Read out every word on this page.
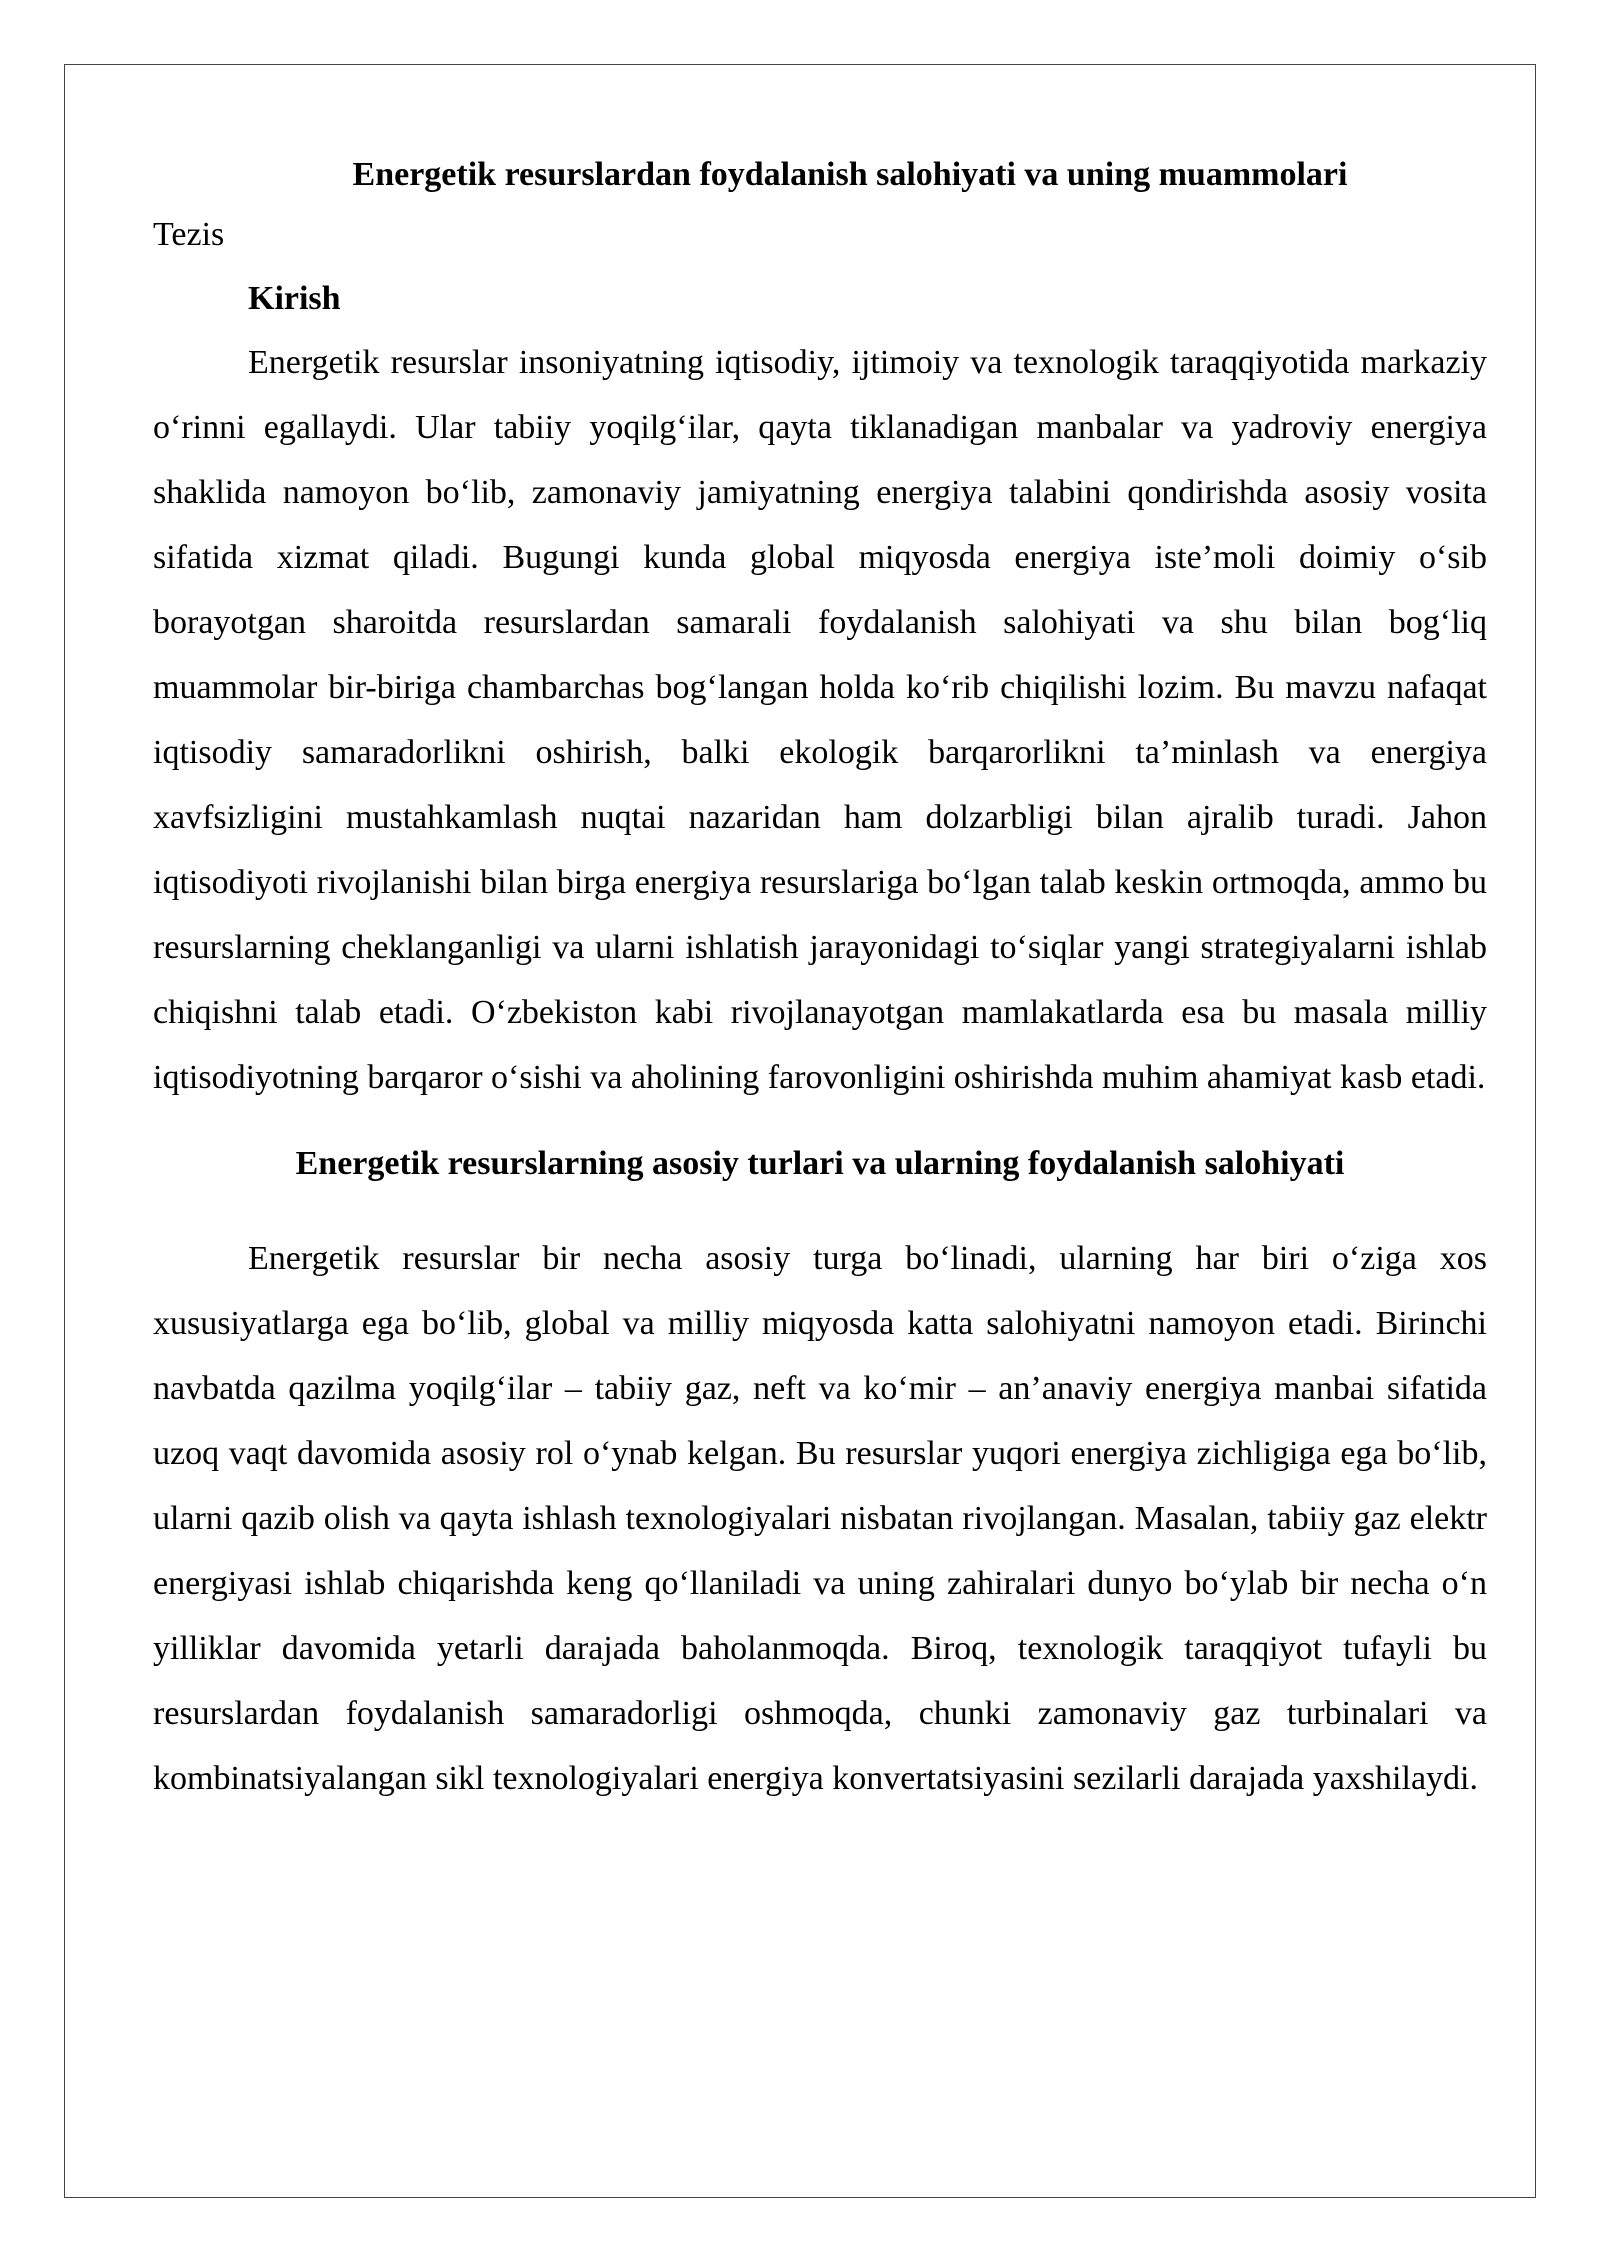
Energetik resurslardan foydalanish salohiyati va uning muammolari

Tezis

Kirish

Energetik resurslar insoniyatning iqtisodiy, ijtimoiy va texnologik taraqqiyotida markaziy o‘rinni egallaydi. Ular tabiiy yoqilg‘ilar, qayta tiklanadigan manbalar va yadroviy energiya shaklida namoyon bo‘lib, zamonaviy jamiyatning energiya talabini qondirishda asosiy vosita sifatida xizmat qiladi. Bugungi kunda global miqyosda energiya iste’moli doimiy o‘sib borayotgan sharoitda resurslardan samarali foydalanish salohiyati va shu bilan bog‘liq muammolar bir-biriga chambarchas bog‘langan holda ko‘rib chiqilishi lozim. Bu mavzu nafaqat iqtisodiy samaradorlikni oshirish, balki ekologik barqarorlikni ta’minlash va energiya xavfsizligini mustahkamlash nuqtai nazaridan ham dolzarbligi bilan ajralib turadi. Jahon iqtisodiyoti rivojlanishi bilan birga energiya resurslariga bo‘lgan talab keskin ortmoqda, ammo bu resurslarning cheklanganligi va ularni ishlatish jarayonidagi to‘siqlar yangi strategiyalarni ishlab chiqishni talab etadi. O‘zbekiston kabi rivojlanayotgan mamlakatlarda esa bu masala milliy iqtisodiyotning barqaror o‘sishi va aholining farovonligini oshirishda muhim ahamiyat kasb etadi.

Energetik resurslarning asosiy turlari va ularning foydalanish salohiyati

Energetik resurslar bir necha asosiy turga bo‘linadi, ularning har biri o‘ziga xos xususiyatlarga ega bo‘lib, global va milliy miqyosda katta salohiyatni namoyon etadi. Birinchi navbatda qazilma yoqilg‘ilar – tabiiy gaz, neft va ko‘mir – an’anaviy energiya manbai sifatida uzoq vaqt davomida asosiy rol o‘ynab kelgan. Bu resurslar yuqori energiya zichligiga ega bo‘lib, ularni qazib olish va qayta ishlash texnologiyalari nisbatan rivojlangan. Masalan, tabiiy gaz elektr energiyasi ishlab chiqarishda keng qo‘llaniladi va uning zahiralari dunyo bo‘ylab bir necha o‘n yilliklar davomida yetarli darajada baholanmoqda. Biroq, texnologik taraqqiyot tufayli bu resurslardan foydalanish samaradorligi oshmoqda, chunki zamonaviy gaz turbinalari va kombinatsiyalangan sikl texnologiyalari energiya konvertatsiyasini sezilarli darajada yaxshilaydi.
